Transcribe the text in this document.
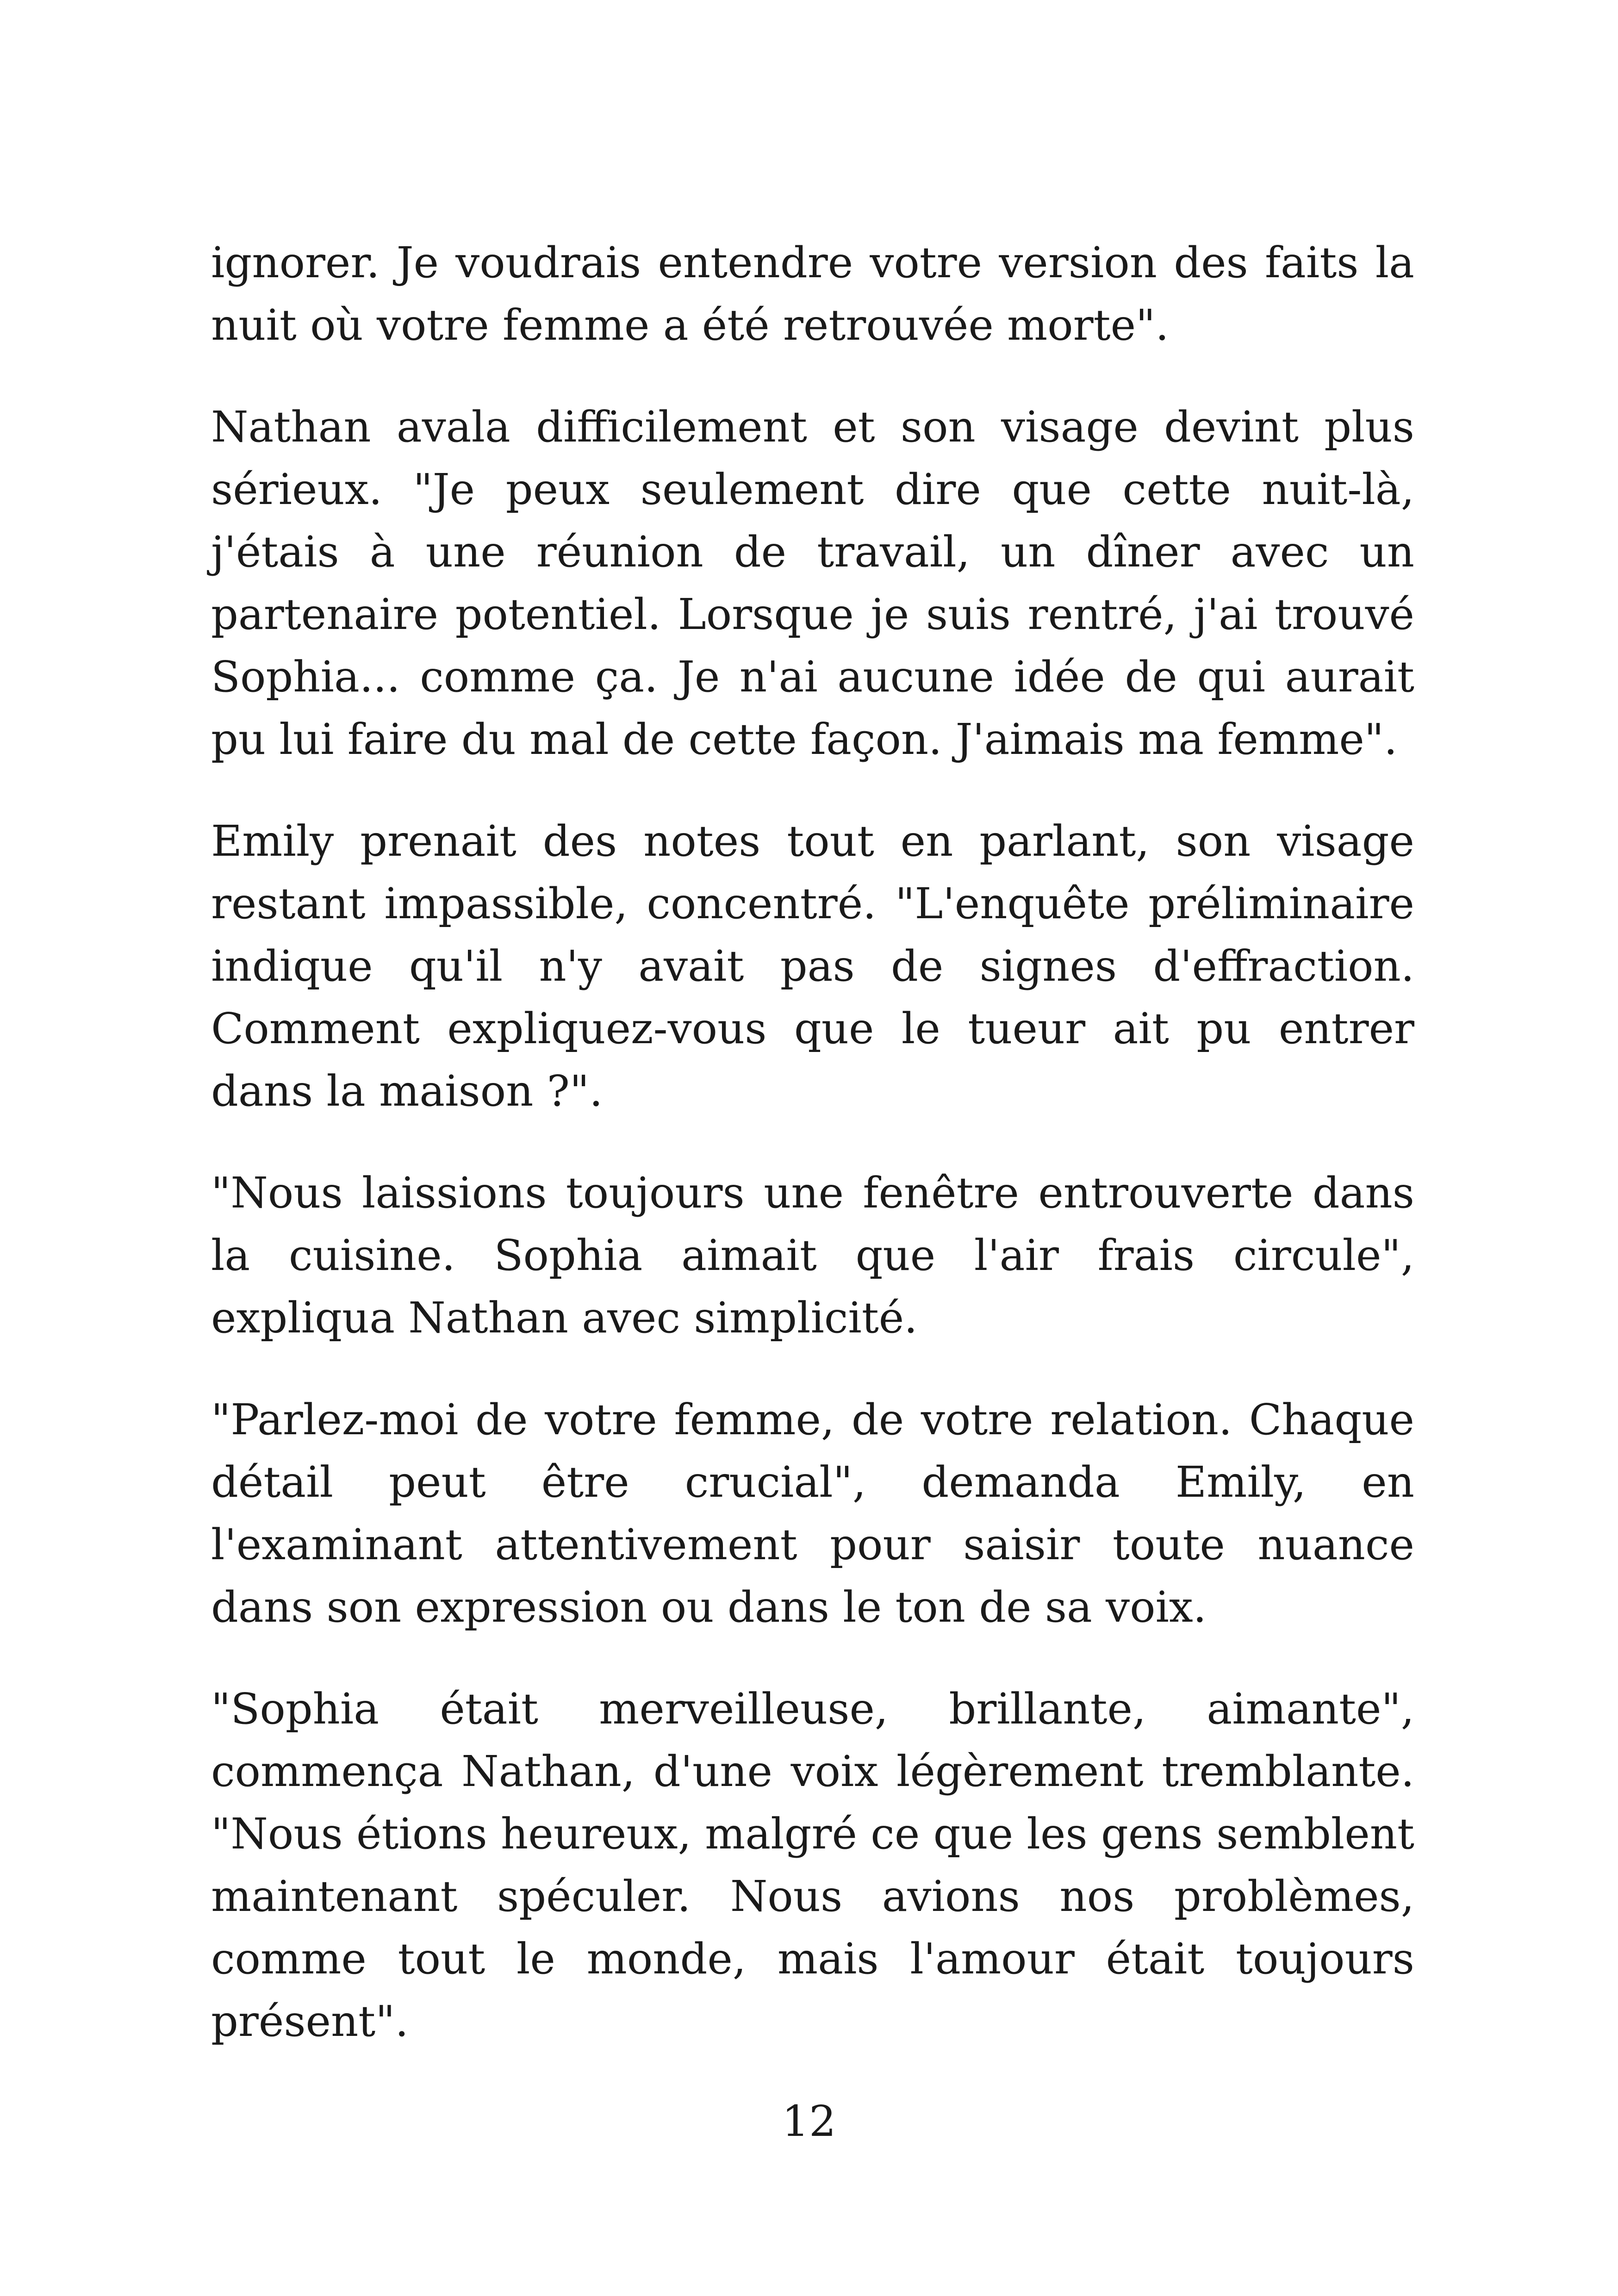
ignorer. Je voudrais entendre votre version des faits la nuit où votre femme a été retrouvée morte".

Nathan avala difficilement et son visage devint plus sérieux. "Je peux seulement dire que cette nuit-là, j'étais à une réunion de travail, un dîner avec un partenaire potentiel. Lorsque je suis rentré, j'ai trouvé Sophia... comme ça. Je n'ai aucune idée de qui aurait pu lui faire du mal de cette façon. J'aimais ma femme".

Emily prenait des notes tout en parlant, son visage restant impassible, concentré. "L'enquête préliminaire indique qu'il n'y avait pas de signes d'effraction. Comment expliquez-vous que le tueur ait pu entrer dans la maison ?".

"Nous laissions toujours une fenêtre entrouverte dans la cuisine. Sophia aimait que l'air frais circule", expliqua Nathan avec simplicité.

"Parlez-moi de votre femme, de votre relation. Chaque détail peut être crucial", demanda Emily, en l'examinant attentivement pour saisir toute nuance dans son expression ou dans le ton de sa voix.

"Sophia était merveilleuse, brillante, aimante", commença Nathan, d'une voix légèrement tremblante. "Nous étions heureux, malgré ce que les gens semblent maintenant spéculer. Nous avions nos problèmes, comme tout le monde, mais l'amour était toujours présent".

12
